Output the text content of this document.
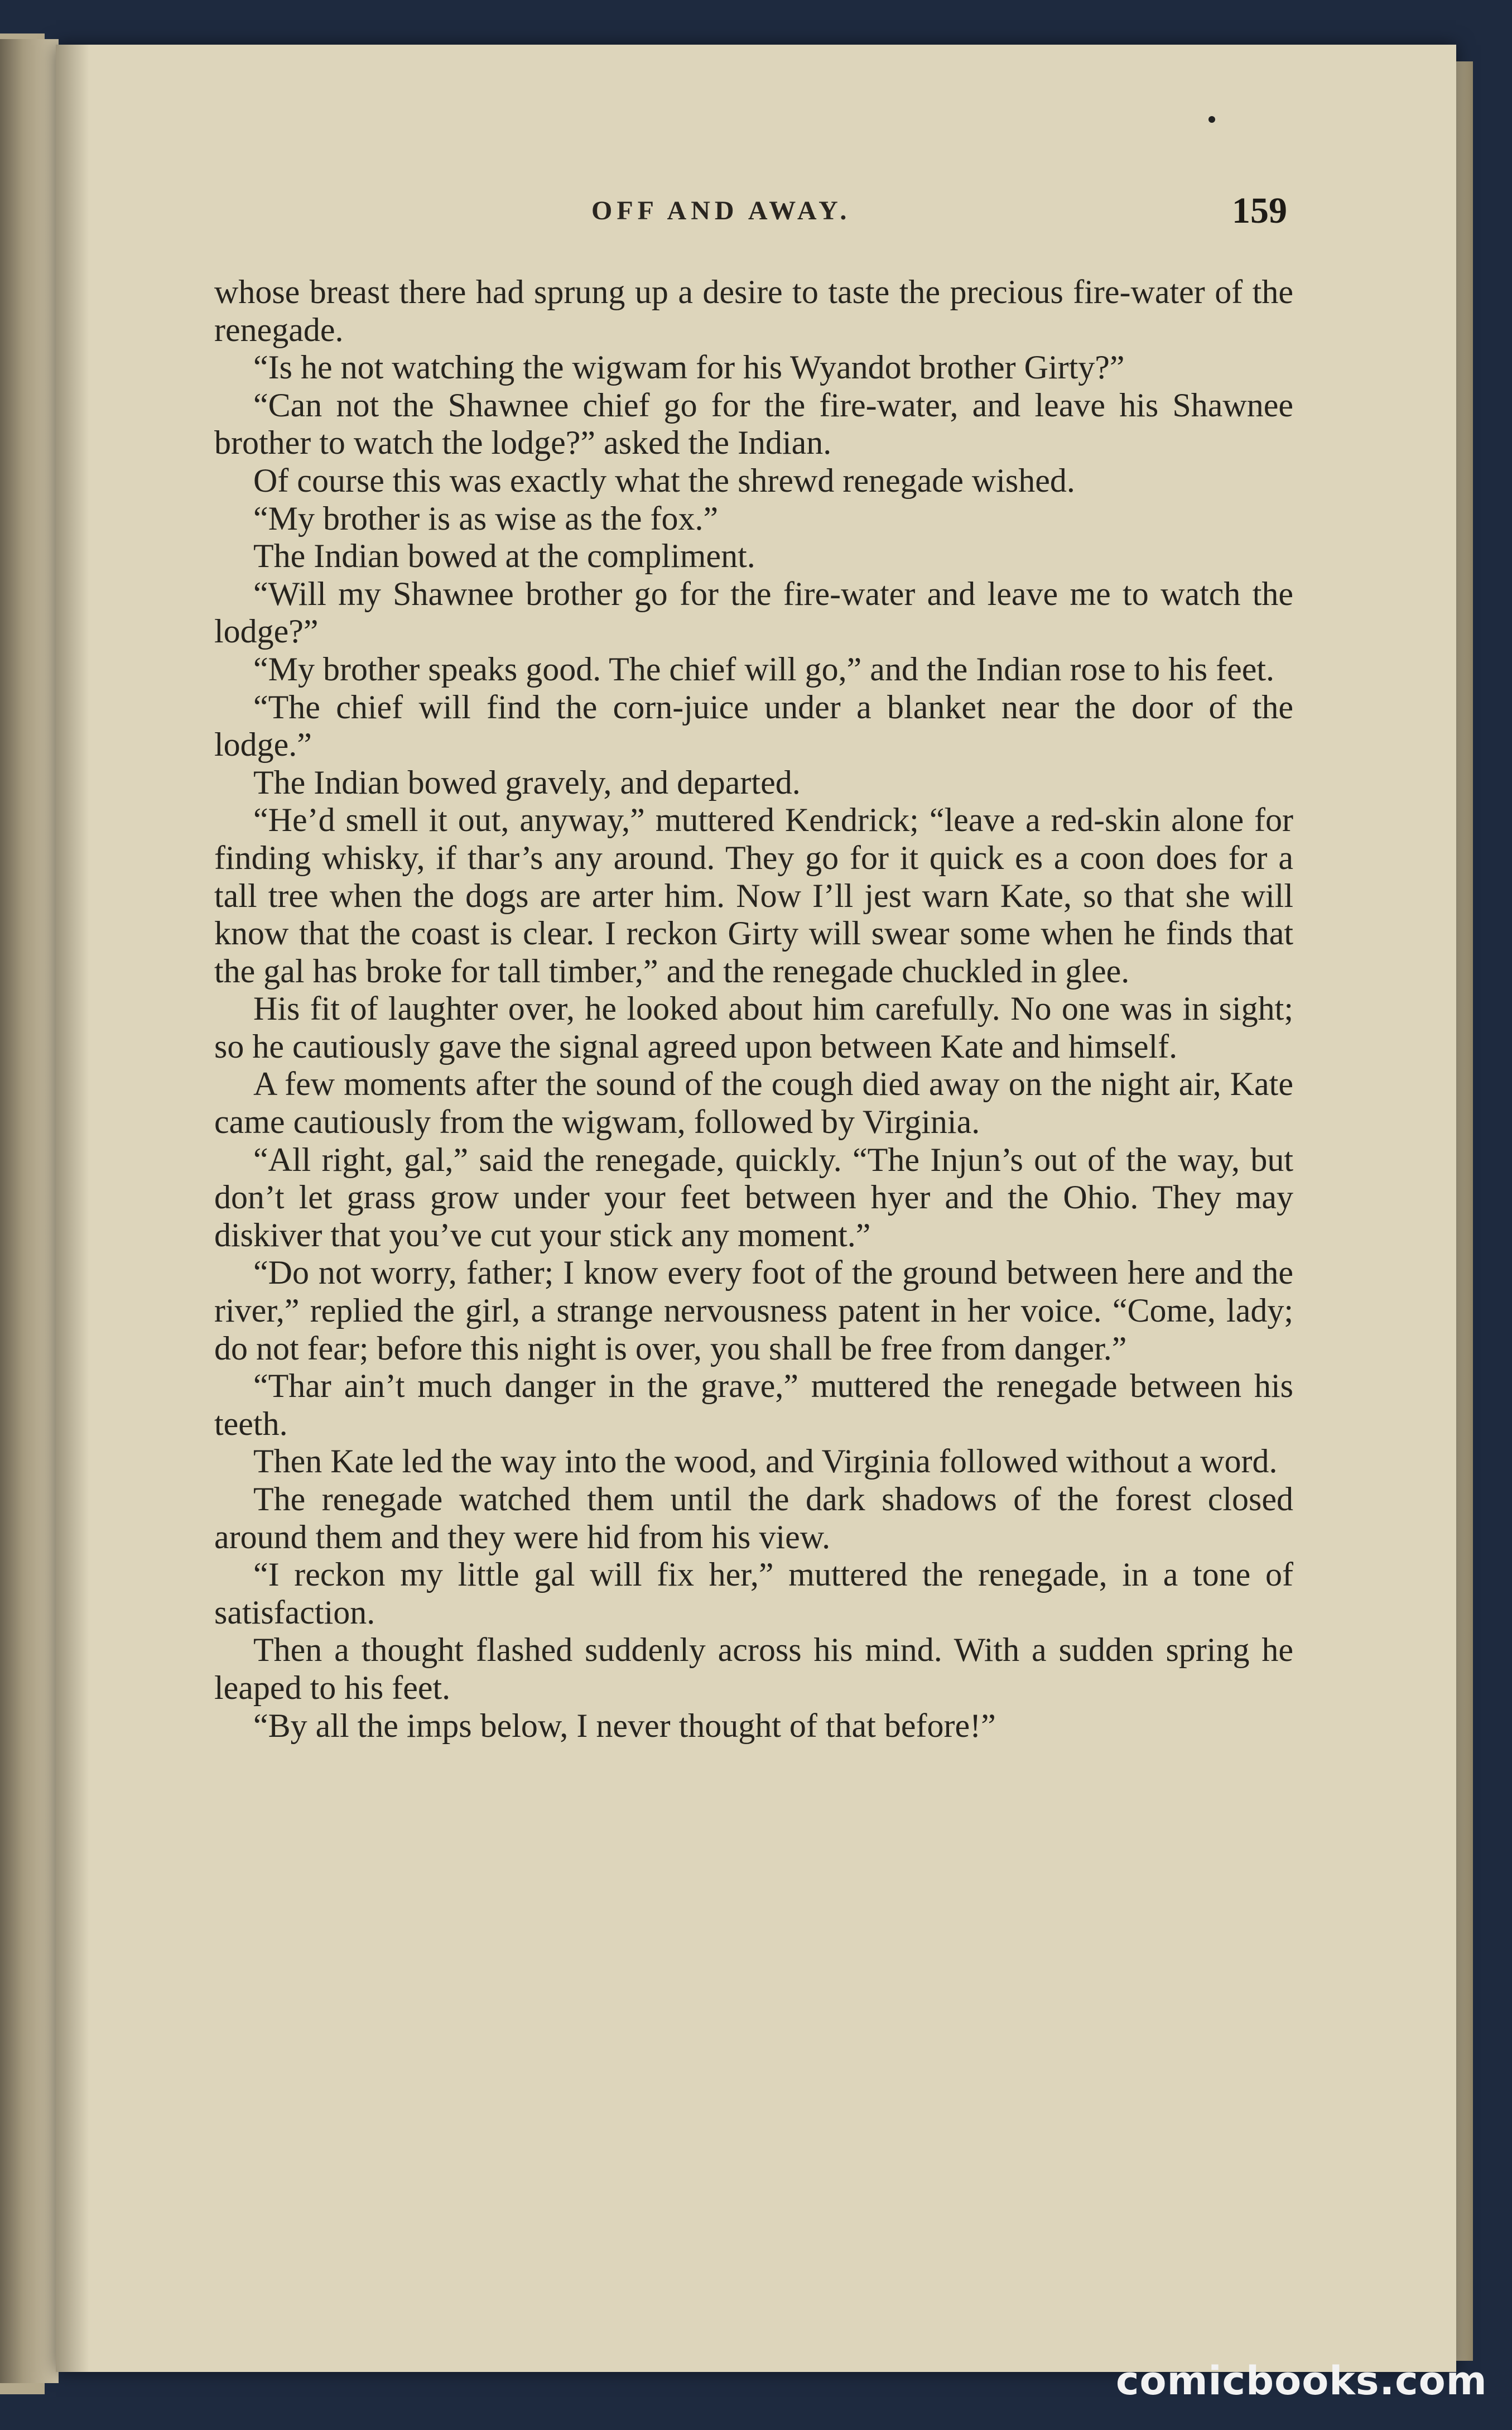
OFF AND AWAY.	159

whose breast there had sprung up a desire to taste the precious fire-water of the renegade.

“Is he not watching the wigwam for his Wyandot brother Girty?”

“Can not the Shawnee chief go for the fire-water, and leave his Shawnee brother to watch the lodge?” asked the Indian.

Of course this was exactly what the shrewd renegade wished.

“My brother is as wise as the fox.”

The Indian bowed at the compliment.

“Will my Shawnee brother go for the fire-water and leave me to watch the lodge?”

“My brother speaks good. The chief will go,” and the Indian rose to his feet.

“The chief will find the corn-juice under a blanket near the door of the lodge.”

The Indian bowed gravely, and departed.

“He’d smell it out, anyway,” muttered Kendrick; “leave a red-skin alone for finding whisky, if thar’s any around. They go for it quick es a coon does for a tall tree when the dogs are arter him. Now I’ll jest warn Kate, so that she will know that the coast is clear. I reckon Girty will swear some when he finds that the gal has broke for tall timber,” and the renegade chuckled in glee.

His fit of laughter over, he looked about him carefully. No one was in sight; so he cautiously gave the signal agreed upon between Kate and himself.

A few moments after the sound of the cough died away on the night air, Kate came cautiously from the wigwam, followed by Virginia.

“All right, gal,” said the renegade, quickly. “The Injun’s out of the way, but don’t let grass grow under your feet between hyer and the Ohio. They may diskiver that you’ve cut your stick any moment.”

“Do not worry, father; I know every foot of the ground between here and the river,” replied the girl, a strange nervousness patent in her voice. “Come, lady; do not fear; before this night is over, you shall be free from danger.”

“Thar ain’t much danger in the grave,” muttered the renegade between his teeth.

Then Kate led the way into the wood, and Virginia followed without a word.

The renegade watched them until the dark shadows of the forest closed around them and they were hid from his view.

“I reckon my little gal will fix her,” muttered the renegade, in a tone of satisfaction.

Then a thought flashed suddenly across his mind. With a sudden spring he leaped to his feet.

“By all the imps below, I never thought of that before!”

comicbooks.com
